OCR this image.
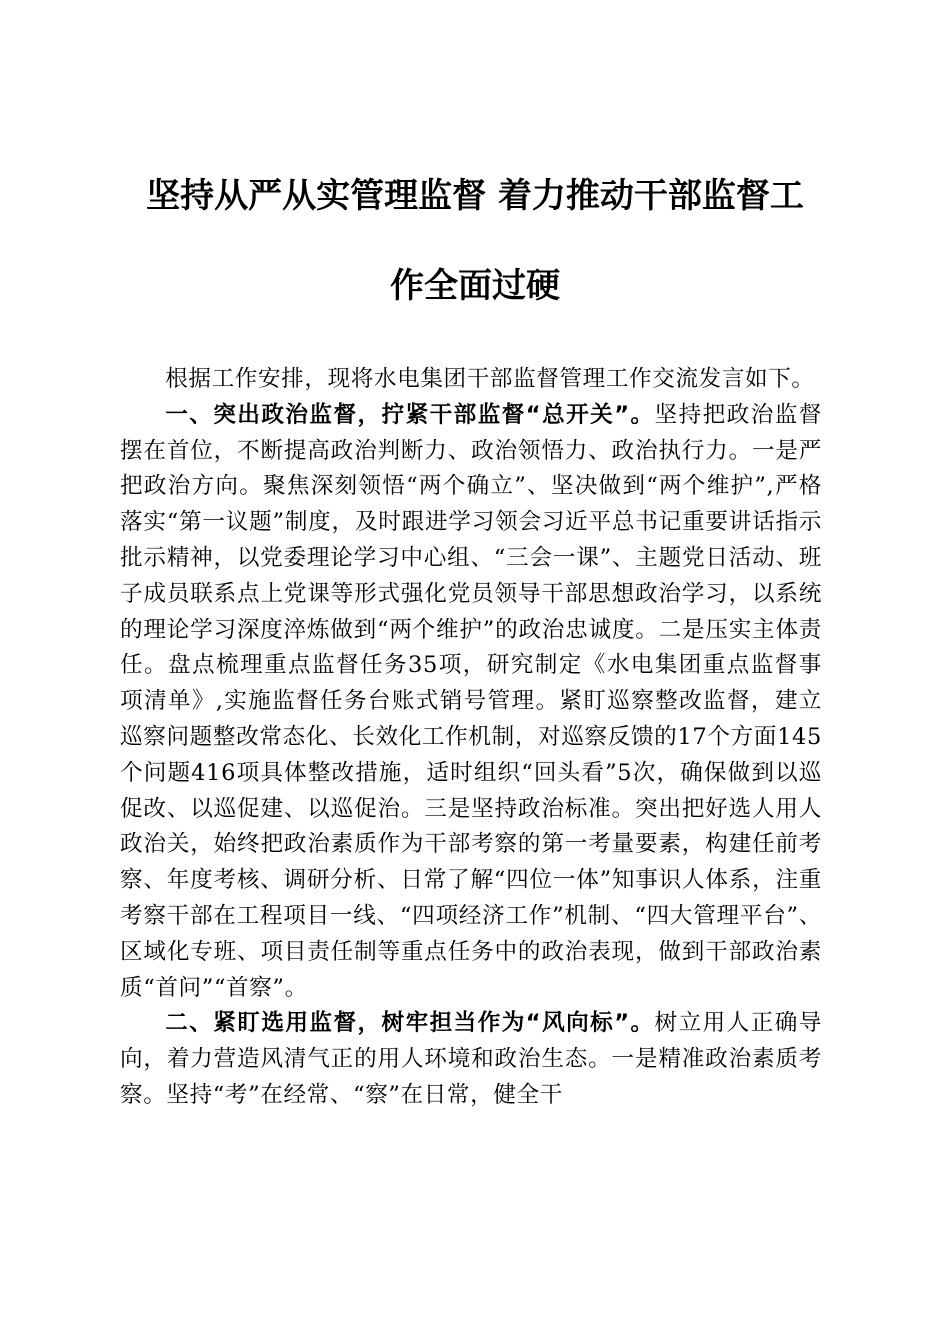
坚持从严从实管理监督 着力推动干部监督工
作全面过硬

根据工作安排，现将水电集团干部监督管理工作交流发言如下。

一、突出政治监督，拧紧干部监督“总开关”。坚持把政治监督摆在首位，不断提高政治判断力、政治领悟力、政治执行力。一是严把政治方向。聚焦深刻领悟“两个确立”、坚决做到“两个维护”,严格落实“第一议题”制度，及时跟进学习领会习近平总书记重要讲话指示批示精神，以党委理论学习中心组、“三会一课”、主题党日活动、班子成员联系点上党课等形式强化党员领导干部思想政治学习，以系统的理论学习深度淬炼做到“两个维护”的政治忠诚度。二是压实主体责任。盘点梳理重点监督任务35项，研究制定《水电集团重点监督事项清单》,实施监督任务台账式销号管理。紧盯巡察整改监督，建立巡察问题整改常态化、长效化工作机制，对巡察反馈的17个方面145个问题416项具体整改措施，适时组织“回头看”5次，确保做到以巡促改、以巡促建、以巡促治。三是坚持政治标准。突出把好选人用人政治关，始终把政治素质作为干部考察的第一考量要素，构建任前考察、年度考核、调研分析、日常了解“四位一体”知事识人体系，注重考察干部在工程项目一线、“四项经济工作”机制、“四大管理平台”、区域化专班、项目责任制等重点任务中的政治表现，做到干部政治素质“首问”“首察”。

二、紧盯选用监督，树牢担当作为“风向标”。树立用人正确导向，着力营造风清气正的用人环境和政治生态。一是精准政治素质考察。坚持“考”在经常、“察”在日常，健全干
